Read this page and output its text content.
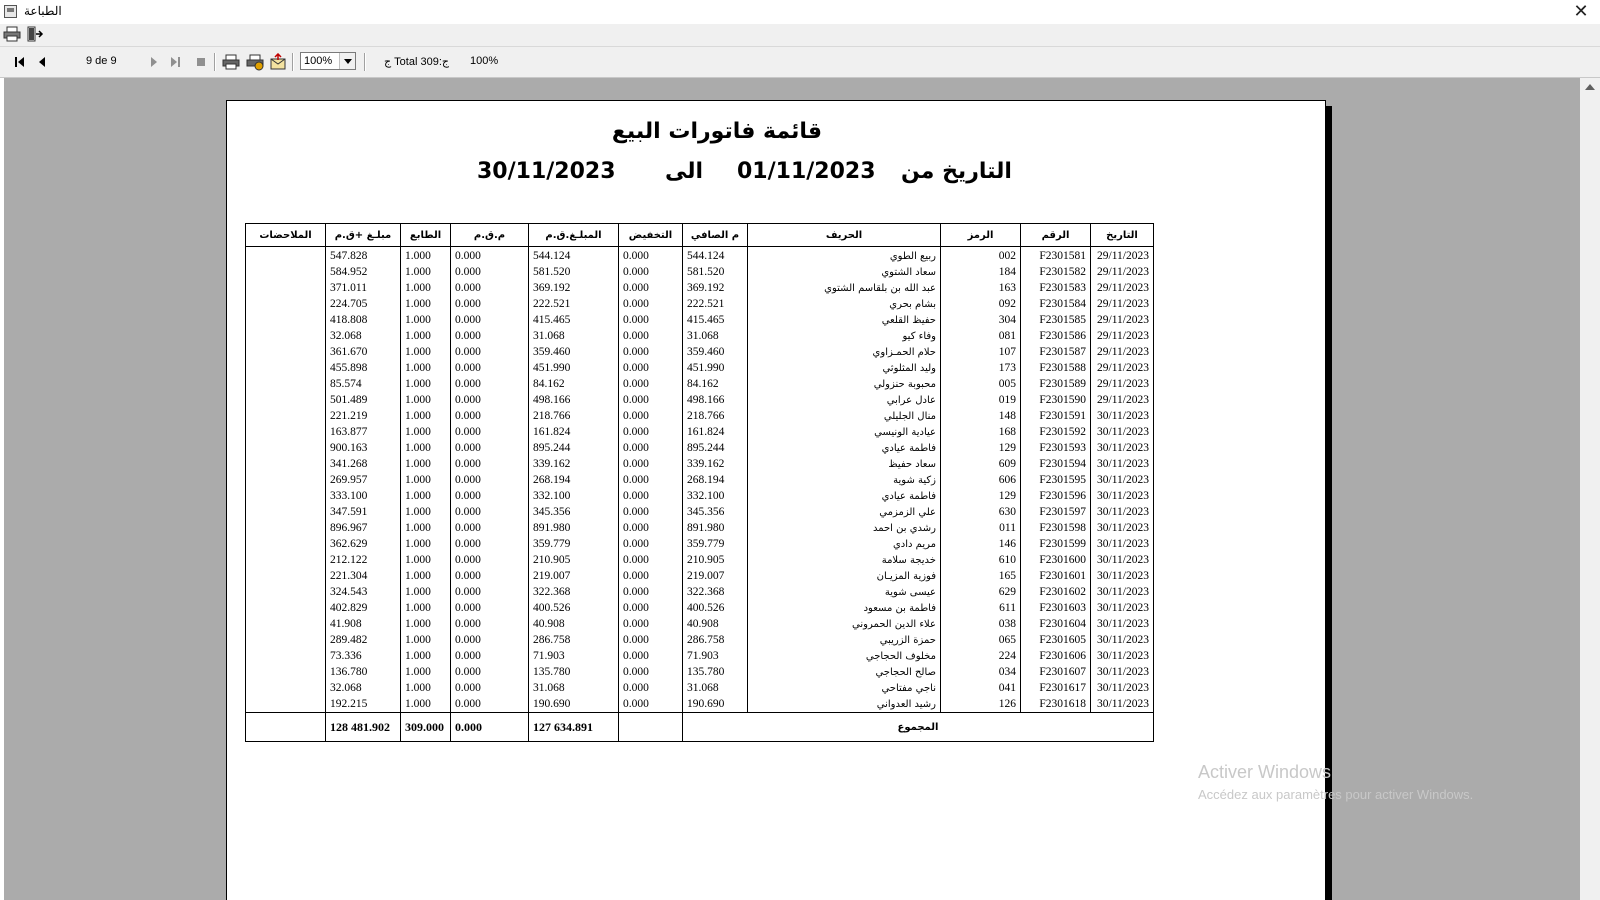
الطباعة	✕
9 de 9	100%	ج Total ج:309 100%
قائمة فاتورات البيع
التاريخ من
01/11/2023
الى
30/11/2023
الملاحضات	مبلـغ +ق.م	الطابع	م.ق.م	المبلـغ.ق.م	التخفيض	م الصافي	الحريف	الرمز	الرقم	التاريخ
	547.828	1.000	0.000	544.124	0.000	544.124	ربيع الطوي	002	F2301581	29/11/2023
	584.952	1.000	0.000	581.520	0.000	581.520	سعاد الشتوي	184	F2301582	29/11/2023
	371.011	1.000	0.000	369.192	0.000	369.192	عبد الله بن بلقاسم الشتوي	163	F2301583	29/11/2023
	224.705	1.000	0.000	222.521	0.000	222.521	بشام بحري	092	F2301584	29/11/2023
	418.808	1.000	0.000	415.465	0.000	415.465	حفيظ القلعي	304	F2301585	29/11/2023
	32.068	1.000	0.000	31.068	0.000	31.068	وفاء كيو	081	F2301586	29/11/2023
	361.670	1.000	0.000	359.460	0.000	359.460	حلام الحمـزاوي	107	F2301587	29/11/2023
	455.898	1.000	0.000	451.990	0.000	451.990	وليد المثلوثي	173	F2301588	29/11/2023
	85.574	1.000	0.000	84.162	0.000	84.162	محبوبة حنزولي	005	F2301589	29/11/2023
	501.489	1.000	0.000	498.166	0.000	498.166	عادل عرابي	019	F2301590	29/11/2023
	221.219	1.000	0.000	218.766	0.000	218.766	منال الجليلي	148	F2301591	30/11/2023
	163.877	1.000	0.000	161.824	0.000	161.824	عيادية الونيسي	168	F2301592	30/11/2023
	900.163	1.000	0.000	895.244	0.000	895.244	فاطمة عيادي	129	F2301593	30/11/2023
	341.268	1.000	0.000	339.162	0.000	339.162	سعاد حفيظ	609	F2301594	30/11/2023
	269.957	1.000	0.000	268.194	0.000	268.194	زكية شوية	606	F2301595	30/11/2023
	333.100	1.000	0.000	332.100	0.000	332.100	فاطمة عيادي	129	F2301596	30/11/2023
	347.591	1.000	0.000	345.356	0.000	345.356	علي الزمزمي	630	F2301597	30/11/2023
	896.967	1.000	0.000	891.980	0.000	891.980	رشدي بن احمد	011	F2301598	30/11/2023
	362.629	1.000	0.000	359.779	0.000	359.779	مريم دادي	146	F2301599	30/11/2023
	212.122	1.000	0.000	210.905	0.000	210.905	خديجة سلامة	610	F2301600	30/11/2023
	221.304	1.000	0.000	219.007	0.000	219.007	فوزية المزيـان	165	F2301601	30/11/2023
	324.543	1.000	0.000	322.368	0.000	322.368	عيسى شوية	629	F2301602	30/11/2023
	402.829	1.000	0.000	400.526	0.000	400.526	فاطمة بن مسعود	611	F2301603	30/11/2023
	41.908	1.000	0.000	40.908	0.000	40.908	علاء الدين الحمروني	038	F2301604	30/11/2023
	289.482	1.000	0.000	286.758	0.000	286.758	حمزة الزريبي	065	F2301605	30/11/2023
	73.336	1.000	0.000	71.903	0.000	71.903	مخلوف الحجاجي	224	F2301606	30/11/2023
	136.780	1.000	0.000	135.780	0.000	135.780	صالح الحجاجي	034	F2301607	30/11/2023
	32.068	1.000	0.000	31.068	0.000	31.068	ناجي مفتاحي	041	F2301617	30/11/2023
	192.215	1.000	0.000	190.690	0.000	190.690	رشيد العدواني	126	F2301618	30/11/2023
	128 481.902	309.000	0.000	127 634.891		المجموع				
Activer Windows
Accédez aux paramètres pour activer Windows.
